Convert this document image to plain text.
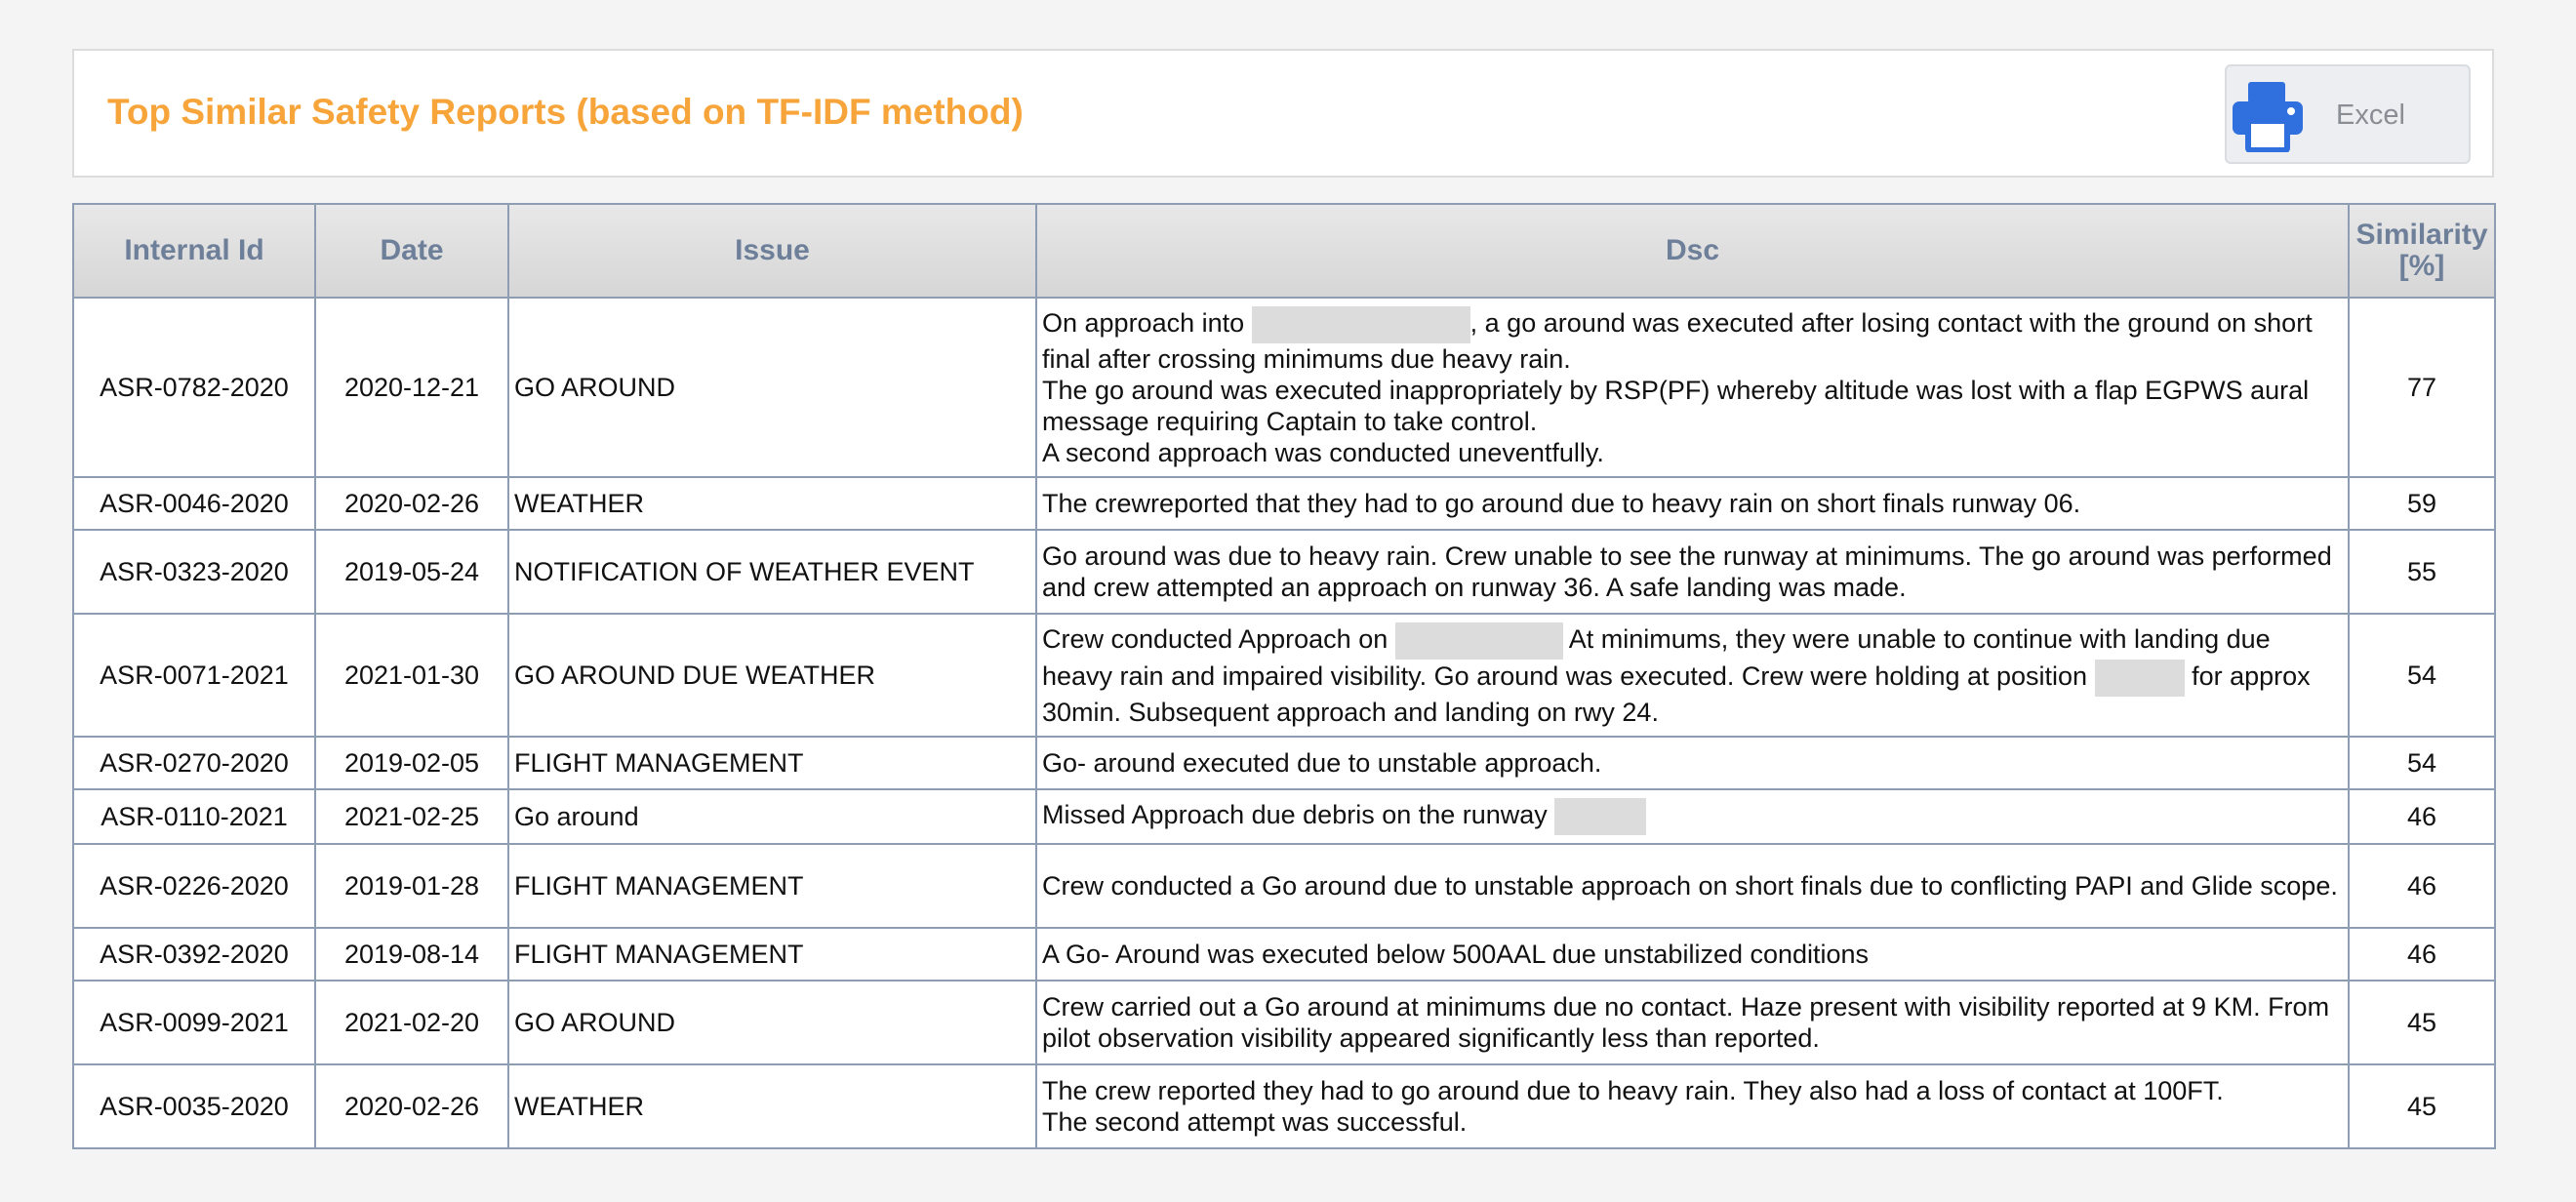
Top Similar Safety Reports (based on TF-IDF method)	Excel
Internal Id	Date	Issue	Dsc	Similarity [%]
ASR-0782-2020	2020-12-21	GO AROUND	On approach into , a go around was executed after losing contact with the ground on short final after crossing minimums due heavy rain.
The go around was executed inappropriately by RSP(PF) whereby altitude was lost with a flap EGPWS aural message requiring Captain to take control.
A second approach was conducted uneventfully.	77
ASR-0046-2020	2020-02-26	WEATHER	The crewreported that they had to go around due to heavy rain on short finals runway 06.	59
ASR-0323-2020	2019-05-24	NOTIFICATION OF WEATHER EVENT	Go around was due to heavy rain. Crew unable to see the runway at minimums. The go around was performed and crew attempted an approach on runway 36. A safe landing was made.	55
ASR-0071-2021	2021-01-30	GO AROUND DUE WEATHER	Crew conducted Approach on At minimums, they were unable to continue with landing due heavy rain and impaired visibility. Go around was executed. Crew were holding at position for approx 30min. Subsequent approach and landing on rwy 24.	54
ASR-0270-2020	2019-02-05	FLIGHT MANAGEMENT	Go- around executed due to unstable approach.	54
ASR-0110-2021	2021-02-25	Go around	Missed Approach due debris on the runway	46
ASR-0226-2020	2019-01-28	FLIGHT MANAGEMENT	Crew conducted a Go around due to unstable approach on short finals due to conflicting PAPI and Glide scope.	46
ASR-0392-2020	2019-08-14	FLIGHT MANAGEMENT	A Go- Around was executed below 500AAL due unstabilized conditions	46
ASR-0099-2021	2021-02-20	GO AROUND	Crew carried out a Go around at minimums due no contact. Haze present with visibility reported at 9 KM. From pilot observation visibility appeared significantly less than reported.	45
ASR-0035-2020	2020-02-26	WEATHER	The crew reported they had to go around due to heavy rain. They also had a loss of contact at 100FT.
The second attempt was successful.	45
